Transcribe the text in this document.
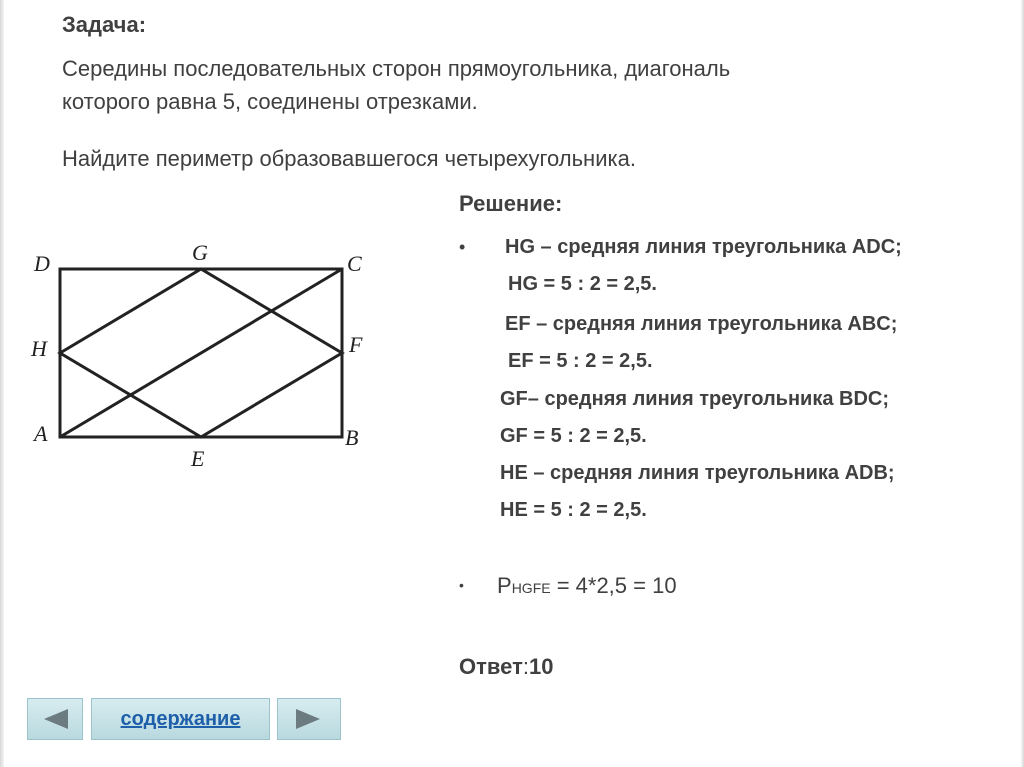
Задача:
Середины последовательных сторон прямоугольника, диагональ
которого равна 5, соединены отрезками.
Найдите периметр образовавшегося четырехугольника.
D	G	C
H	F
A
E
B
Решение:
• HG – средняя линия треугольника ADC;
HG = 5 : 2 = 2,5.
EF – средняя линия треугольника ABC;
EF = 5 : 2 = 2,5.
GF– средняя линия треугольника BDC;
GF = 5 : 2 = 2,5.
HE – средняя линия треугольника ADB;
HE = 5 : 2 = 2,5.
• PHGFE = 4*2,5 = 10
Ответ:10
содержание
